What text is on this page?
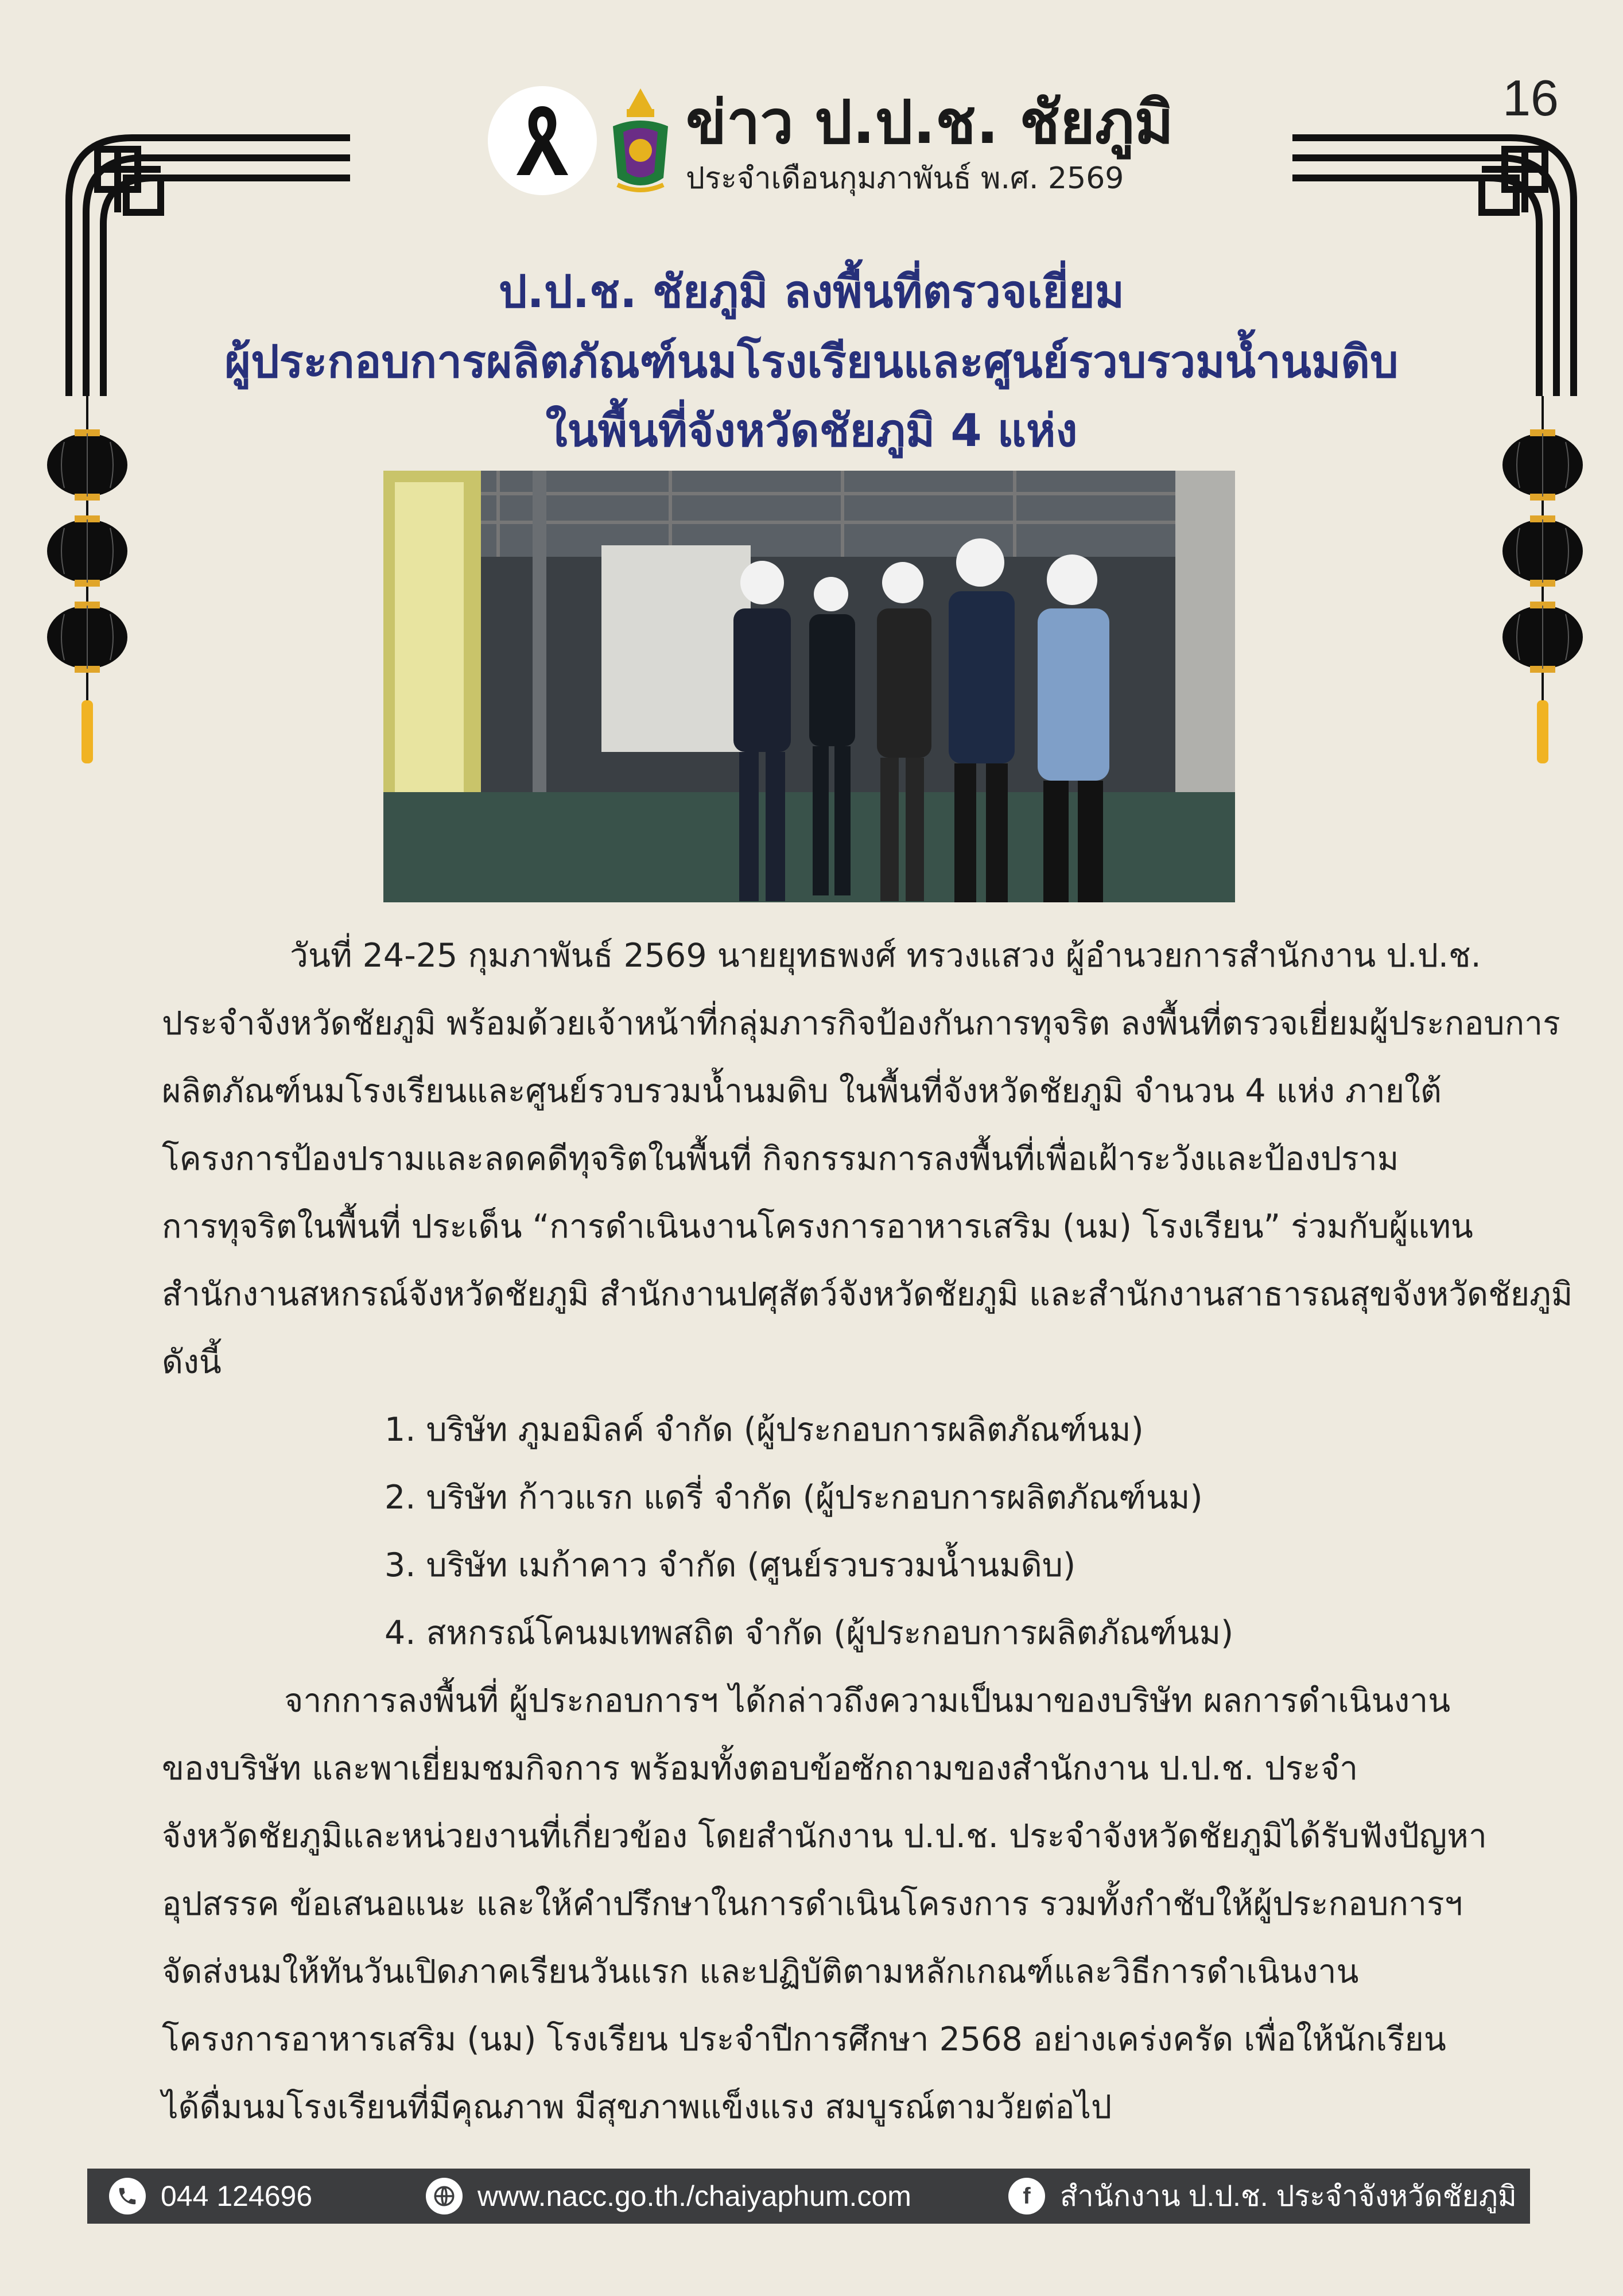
16
ข่าว ป.ป.ช. ชัยภูมิ
ประจำเดือนกุมภาพันธ์ พ.ศ. 2569
ป.ป.ช. ชัยภูมิ ลงพื้นที่ตรวจเยี่ยม
ผู้ประกอบการผลิตภัณฑ์นมโรงเรียนและศูนย์รวบรวมน้ำนมดิบ
ในพื้นที่จังหวัดชัยภูมิ 4 แห่ง
วันที่ 24-25 กุมภาพันธ์ 2569 นายยุทธพงศ์ ทรวงแสวง ผู้อำนวยการสำนักงาน ป.ป.ช.
ประจำจังหวัดชัยภูมิ พร้อมด้วยเจ้าหน้าที่กลุ่มภารกิจป้องกันการทุจริต ลงพื้นที่ตรวจเยี่ยมผู้ประกอบการ
ผลิตภัณฑ์นมโรงเรียนและศูนย์รวบรวมน้ำนมดิบ ในพื้นที่จังหวัดชัยภูมิ จำนวน 4 แห่ง ภายใต้
โครงการป้องปรามและลดคดีทุจริตในพื้นที่ กิจกรรมการลงพื้นที่เพื่อเฝ้าระวังและป้องปราม
การทุจริตในพื้นที่ ประเด็น “การดำเนินงานโครงการอาหารเสริม (นม) โรงเรียน” ร่วมกับผู้แทน
สำนักงานสหกรณ์จังหวัดชัยภูมิ สำนักงานปศุสัตว์จังหวัดชัยภูมิ และสำนักงานสาธารณสุขจังหวัดชัยภูมิ
ดังนี้
1. บริษัท ภูมอมิลค์ จำกัด (ผู้ประกอบการผลิตภัณฑ์นม)
2. บริษัท ก้าวแรก แดรี่ จำกัด (ผู้ประกอบการผลิตภัณฑ์นม)
3. บริษัท เมก้าคาว จำกัด (ศูนย์รวบรวมน้ำนมดิบ)
4. สหกรณ์โคนมเทพสถิต จำกัด (ผู้ประกอบการผลิตภัณฑ์นม)
จากการลงพื้นที่ ผู้ประกอบการฯ ได้กล่าวถึงความเป็นมาของบริษัท ผลการดำเนินงาน
ของบริษัท และพาเยี่ยมชมกิจการ พร้อมทั้งตอบข้อซักถามของสำนักงาน ป.ป.ช. ประจำ
จังหวัดชัยภูมิและหน่วยงานที่เกี่ยวข้อง โดยสำนักงาน ป.ป.ช. ประจำจังหวัดชัยภูมิได้รับฟังปัญหา
อุปสรรค ข้อเสนอแนะ และให้คำปรึกษาในการดำเนินโครงการ รวมทั้งกำชับให้ผู้ประกอบการฯ
จัดส่งนมให้ทันวันเปิดภาคเรียนวันแรก และปฏิบัติตามหลักเกณฑ์และวิธีการดำเนินงาน
โครงการอาหารเสริม (นม) โรงเรียน ประจำปีการศึกษา 2568 อย่างเคร่งครัด เพื่อให้นักเรียน
ได้ดื่มนมโรงเรียนที่มีคุณภาพ มีสุขภาพแข็งแรง สมบูรณ์ตามวัยต่อไป
044 124696	www.nacc.go.th./chaiyaphum.com	f	สำนักงาน ป.ป.ช. ประจำจังหวัดชัยภูมิ
